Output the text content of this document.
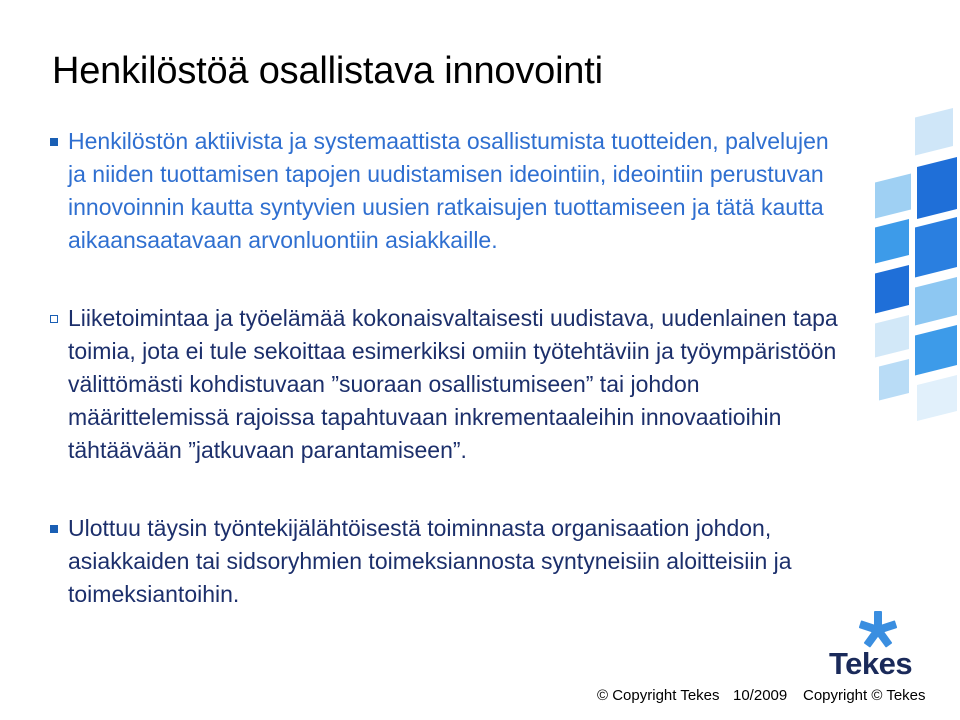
Henkilöstöä osallistava innovointi
Henkilöstön aktiivista ja systemaattista osallistumista tuotteiden, palvelujen ja niiden tuottamisen tapojen uudistamisen ideointiin, ideointiin perustuvan innovoinnin kautta syntyvien uusien ratkaisujen tuottamiseen ja tätä kautta aikaansaatavaan arvonluontiin asiakkaille.
Liiketoimintaa ja työelämää kokonaisvaltaisesti uudistava, uudenlainen tapa toimia, jota ei tule sekoittaa esimerkiksi omiin työtehtäviin ja työympäristöön välittömästi kohdistuvaan ”suoraan osallistumiseen” tai johdon määrittelemissä rajoissa tapahtuvaan inkrementaaleihin innovaatioihin tähtäävään ”jatkuvaan parantamiseen”.
Ulottuu täysin työntekijälähtöisestä toiminnasta organisaation johdon, asiakkaiden tai sidsoryhmien toimeksiannosta syntyneisiin aloitteisiin ja toimeksiantoihin.
Tekes
© Copyright Tekes 10/2009 Copyright © Tekes
